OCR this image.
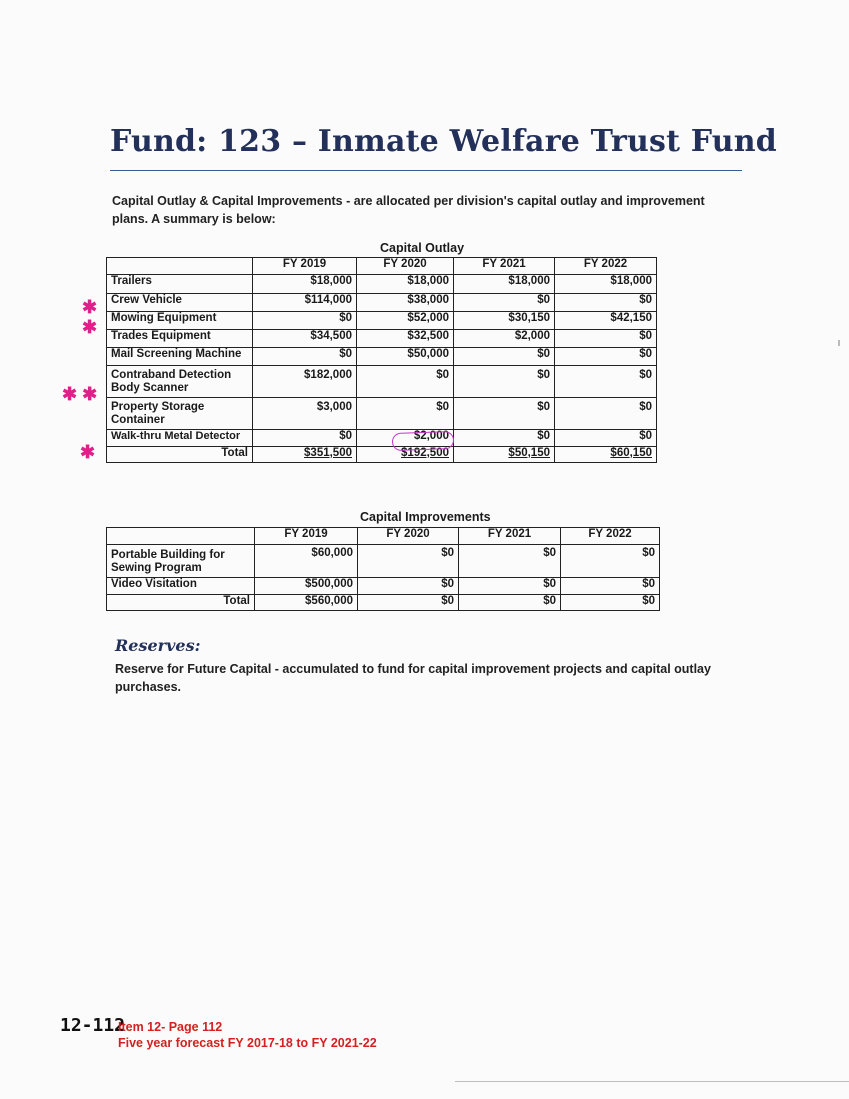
Fund: 123 – Inmate Welfare Trust Fund
Capital Outlay & Capital Improvements - are allocated per division's capital outlay and improvement plans. A summary is below:
Capital Outlay
	FY 2019	FY 2020	FY 2021	FY 2022
Trailers	$18,000	$18,000	$18,000	$18,000
Crew Vehicle	$114,000	$38,000	$0	$0
Mowing Equipment	$0	$52,000	$30,150	$42,150
Trades Equipment	$34,500	$32,500	$2,000	$0
Mail Screening Machine	$0	$50,000	$0	$0
Contraband Detection Body Scanner	$182,000	$0	$0	$0
Property Storage Container	$3,000	$0	$0	$0
Walk-thru Metal Detector	$0	$2,000	$0	$0
Total	$351,500	$192,500	$50,150	$60,150
✱
✱
✱ ✱
✱
Capital Improvements
	FY 2019	FY 2020	FY 2021	FY 2022
Portable Building for Sewing Program	$60,000	$0	$0	$0
Video Visitation	$500,000	$0	$0	$0
Total	$560,000	$0	$0	$0
Reserves:
Reserve for Future Capital - accumulated to fund for capital improvement projects and capital outlay purchases.
12-112
Item 12- Page 112
Five year forecast FY 2017-18 to FY 2021-22
